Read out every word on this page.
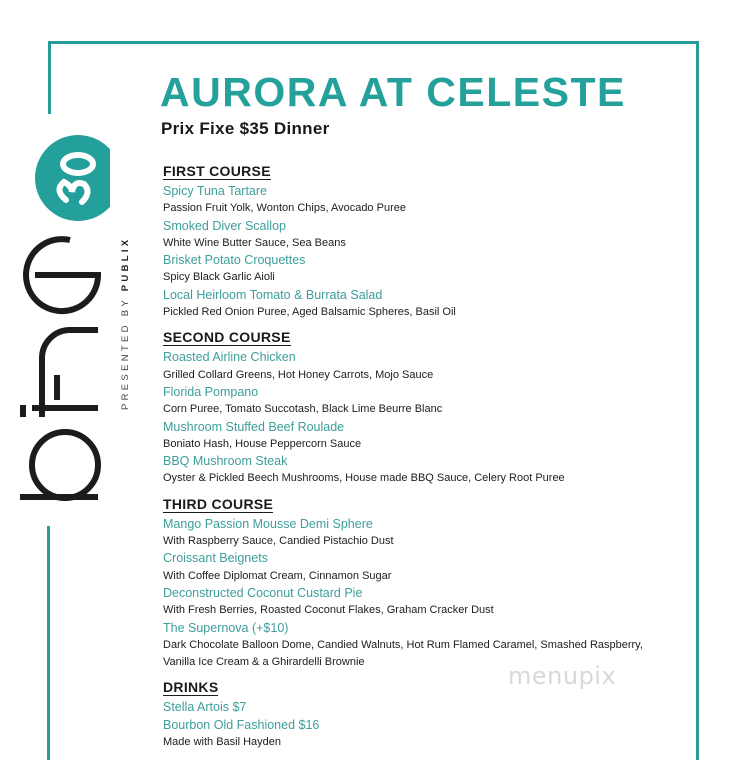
PRESENTED BY PUBLIX
AURORA AT CELESTE
Prix Fixe $35 Dinner
FIRST COURSE
Spicy Tuna Tartare
Passion Fruit Yolk, Wonton Chips, Avocado Puree
Smoked Diver Scallop
White Wine Butter Sauce, Sea Beans
Brisket Potato Croquettes
Spicy Black Garlic Aioli
Local Heirloom Tomato & Burrata Salad
Pickled Red Onion Puree, Aged Balsamic Spheres, Basil Oil
SECOND COURSE
Roasted Airline Chicken
Grilled Collard Greens, Hot Honey Carrots, Mojo Sauce
Florida Pompano
Corn Puree, Tomato Succotash, Black Lime Beurre Blanc
Mushroom Stuffed Beef Roulade
Boniato Hash, House Peppercorn Sauce
BBQ Mushroom Steak
Oyster & Pickled Beech Mushrooms, House made BBQ Sauce, Celery Root Puree
THIRD COURSE
Mango Passion Mousse Demi Sphere
With Raspberry Sauce, Candied Pistachio Dust
Croissant Beignets
With Coffee Diplomat Cream, Cinnamon Sugar
Deconstructed Coconut Custard Pie
With Fresh Berries, Roasted Coconut Flakes, Graham Cracker Dust
The Supernova (+$10)
Dark Chocolate Balloon Dome, Candied Walnuts, Hot Rum Flamed Caramel, Smashed Raspberry, Vanilla Ice Cream & a Ghirardelli Brownie
DRINKS
Stella Artois $7
Bourbon Old Fashioned $16
Made with Basil Hayden
menupix
